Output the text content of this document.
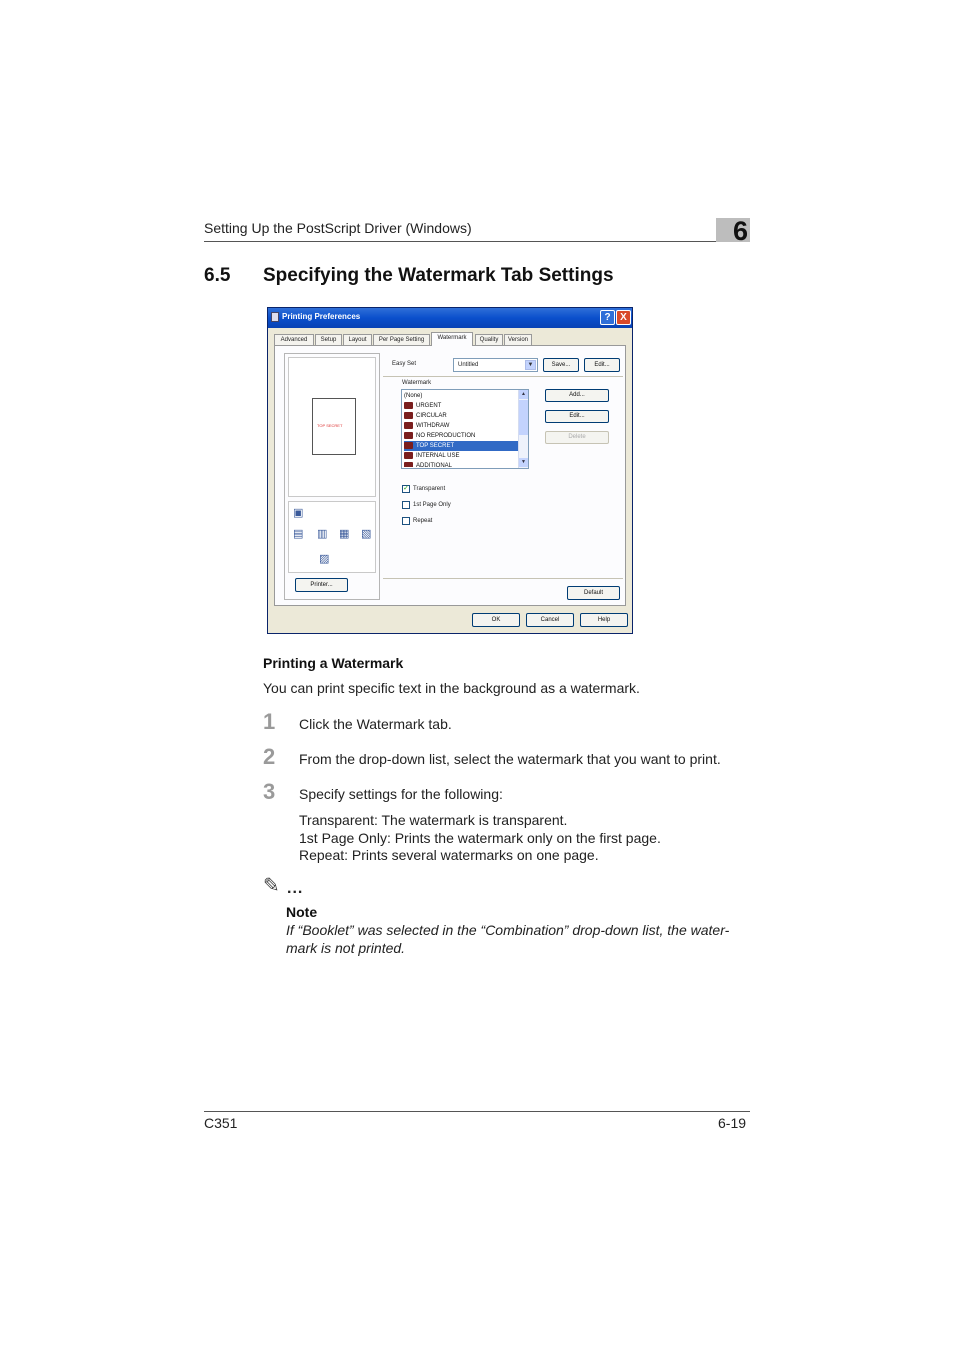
Setting Up the PostScript Driver (Windows)	6
6.5 Specifying the Watermark Tab Settings
Printing Preferences	? X
Advanced	Setup	Layout	Per Page Setting	Watermark	Quality	Version
TOP SECRET
▣
▤ ▥ ▦ ▧
▨
Printer...
Easy Set	Untitled	▼	Save...	Edit...
Watermark
(None)
URGENT
CIRCULAR
WITHDRAW
NO REPRODUCTION
TOP SECRET
INTERNAL USE
ADDITIONAL
▲
▼
Add...
Edit...
Delete
✓ Transparent
1st Page Only
Repeat
Default
OK	Cancel	Help
Printing a Watermark
You can print specific text in the background as a watermark.
1 Click the Watermark tab.
2 From the drop-down list, select the watermark that you want to print.
3 Specify settings for the following:
Transparent: The watermark is transparent.
1st Page Only: Prints the watermark only on the first page.
Repeat: Prints several watermarks on one page.
✎ ...
Note
If “Booklet” was selected in the “Combination” drop-down list, the water-mark is not printed.
C351	6-19
